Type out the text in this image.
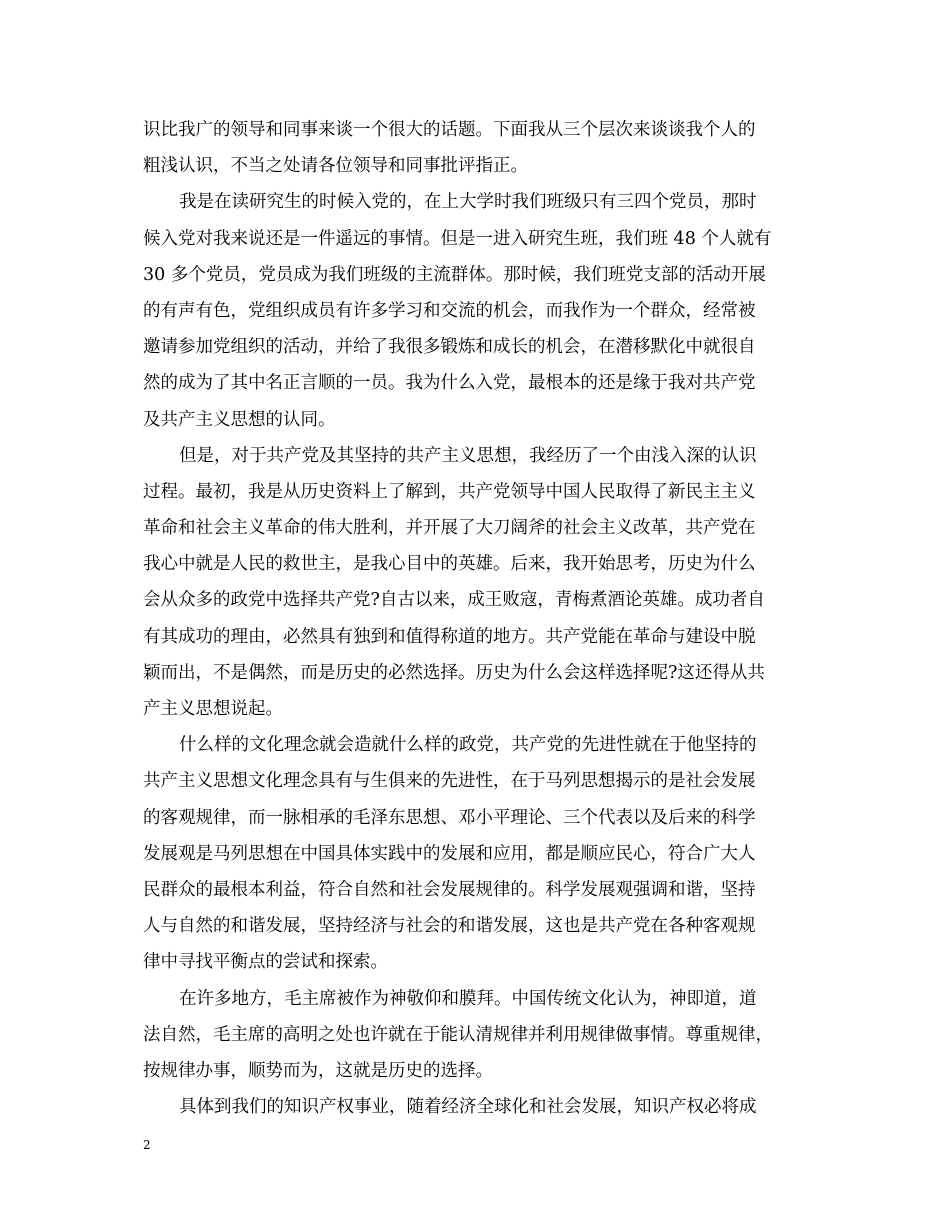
识比我广的领导和同事来谈一个很大的话题。下面我从三个层次来谈谈我个人的
粗浅认识，不当之处请各位领导和同事批评指正。
我是在读研究生的时候入党的，在上大学时我们班级只有三四个党员，那时
候入党对我来说还是一件遥远的事情。但是一进入研究生班，我们班 48 个人就有
30 多个党员，党员成为我们班级的主流群体。那时候，我们班党支部的活动开展
的有声有色，党组织成员有许多学习和交流的机会，而我作为一个群众，经常被
邀请参加党组织的活动，并给了我很多锻炼和成长的机会，在潜移默化中就很自
然的成为了其中名正言顺的一员。我为什么入党，最根本的还是缘于我对共产党
及共产主义思想的认同。
但是，对于共产党及其坚持的共产主义思想，我经历了一个由浅入深的认识
过程。最初，我是从历史资料上了解到，共产党领导中国人民取得了新民主主义
革命和社会主义革命的伟大胜利，并开展了大刀阔斧的社会主义改革，共产党在
我心中就是人民的救世主，是我心目中的英雄。后来，我开始思考，历史为什么
会从众多的政党中选择共产党?自古以来，成王败寇，青梅煮酒论英雄。成功者自
有其成功的理由，必然具有独到和值得称道的地方。共产党能在革命与建设中脱
颖而出，不是偶然，而是历史的必然选择。历史为什么会这样选择呢?这还得从共
产主义思想说起。
什么样的文化理念就会造就什么样的政党，共产党的先进性就在于他坚持的
共产主义思想文化理念具有与生俱来的先进性，在于马列思想揭示的是社会发展
的客观规律，而一脉相承的毛泽东思想、邓小平理论、三个代表以及后来的科学
发展观是马列思想在中国具体实践中的发展和应用，都是顺应民心，符合广大人
民群众的最根本利益，符合自然和社会发展规律的。科学发展观强调和谐，坚持
人与自然的和谐发展，坚持经济与社会的和谐发展，这也是共产党在各种客观规
律中寻找平衡点的尝试和探索。
在许多地方，毛主席被作为神敬仰和膜拜。中国传统文化认为，神即道，道
法自然，毛主席的高明之处也许就在于能认清规律并利用规律做事情。尊重规律，
按规律办事，顺势而为，这就是历史的选择。
具体到我们的知识产权事业，随着经济全球化和社会发展，知识产权必将成
2
